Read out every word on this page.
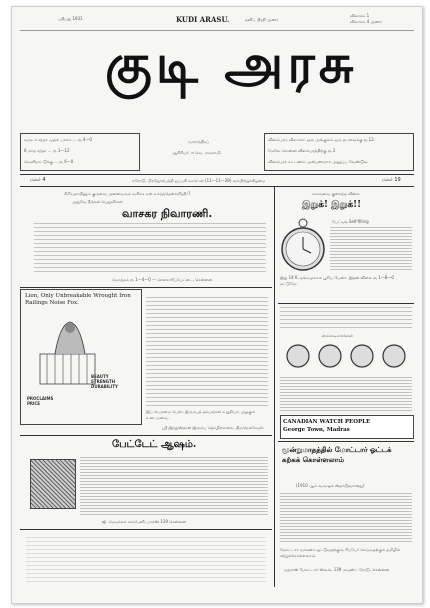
புதியது 1931	KUDI ARASU.	தனிப் பிரதி அணா
விலாசம் 1
விலாசம் 4 அணா
குடி அரசு
வருடச் சந்தா முதல் பாகம் ... ரூ 4—0
6 மாத சந்தா ... ரூ 1—12
வெளிநாட்டுக்கு ... ரூ 6—0
வாராந்திரப்
ஆசிரியர்: ஈ.வெ. ராமசாமி.
விளம்பரம் விலாசம்: ஒரு அங்குலம் ஒரு தடவைக்கு ரூ 12.
மேலே சொன்ன விளம்பரத்திற்கு ரூ 2
விளம்பரக் கட்டணம் முன்பணமாக அனுப்ப வேண்டும்.
மலர் 4	ஈரோடு, பிரஜோற்பத்தி ஐப்பசி ௩௰ௌ (11—11—28) ஞாயிற்றுக்கிழமை	மலர் 19
சிறியதாயினும் குருவை அனைவரும் வசிக்க ஏன் உகந்ததென்றறிந்தீர்?
அதுவே நீங்கள் பெறுவீர்கள்
வாசகர நிவாரணி.
மொத்தம் ரூ 1—4—0 — சௌகாரிப்பேட்டை, சென்னை.
Lion, Only Unbreakable Wrought Iron Railings Noise Fox.
BEAUTY
STRENGTH
DURABILITY
PROCLAIMS
PRICE
இப் பெருமை பெற்ற இரும்புத் தம்பங்கள் உறுதியும் அழகும் உடையவை.
ஸ்ரீ இந்துஸ்தான் இரும்பு தொழிற்சாலை, திருநெல்வேலி.
பேட்டேட் ஆஷம்.
ஜி. மெடிக்கல் கம்பெனி, பாக்ஸ் 119 சென்னை
எவ்வளவு குறைந்த விலை
இறுக்! இறுக்!!
பேட்டிங் Self-filling
இது 14 K. தங்கமுலாம் பூசிய பேனா. இதன் விலை ரூ 1—8—0 மட்டுமே.
கைக்கடிகாரங்கள்
CANADIAN WATCH PEOPLE
George Town, Madras
மூன்றுமாதத்தில் மோட்டார் ஓட்டக் கற்கக் கொள்ளலாம்
(1910 ஆம் வருஷம் ஸ்தாபிதமானது)
மோட்டார் வாகனம் ஓட்டுவதற்கும், ரிப்பேர் செய்வதற்கும் தமிழில் கற்றுக்கொள்ளலாம்.
மதராஸ் மோட்டார் ஸ்கூல், 139 மவுண்ட் ரோடு, சென்னை.
